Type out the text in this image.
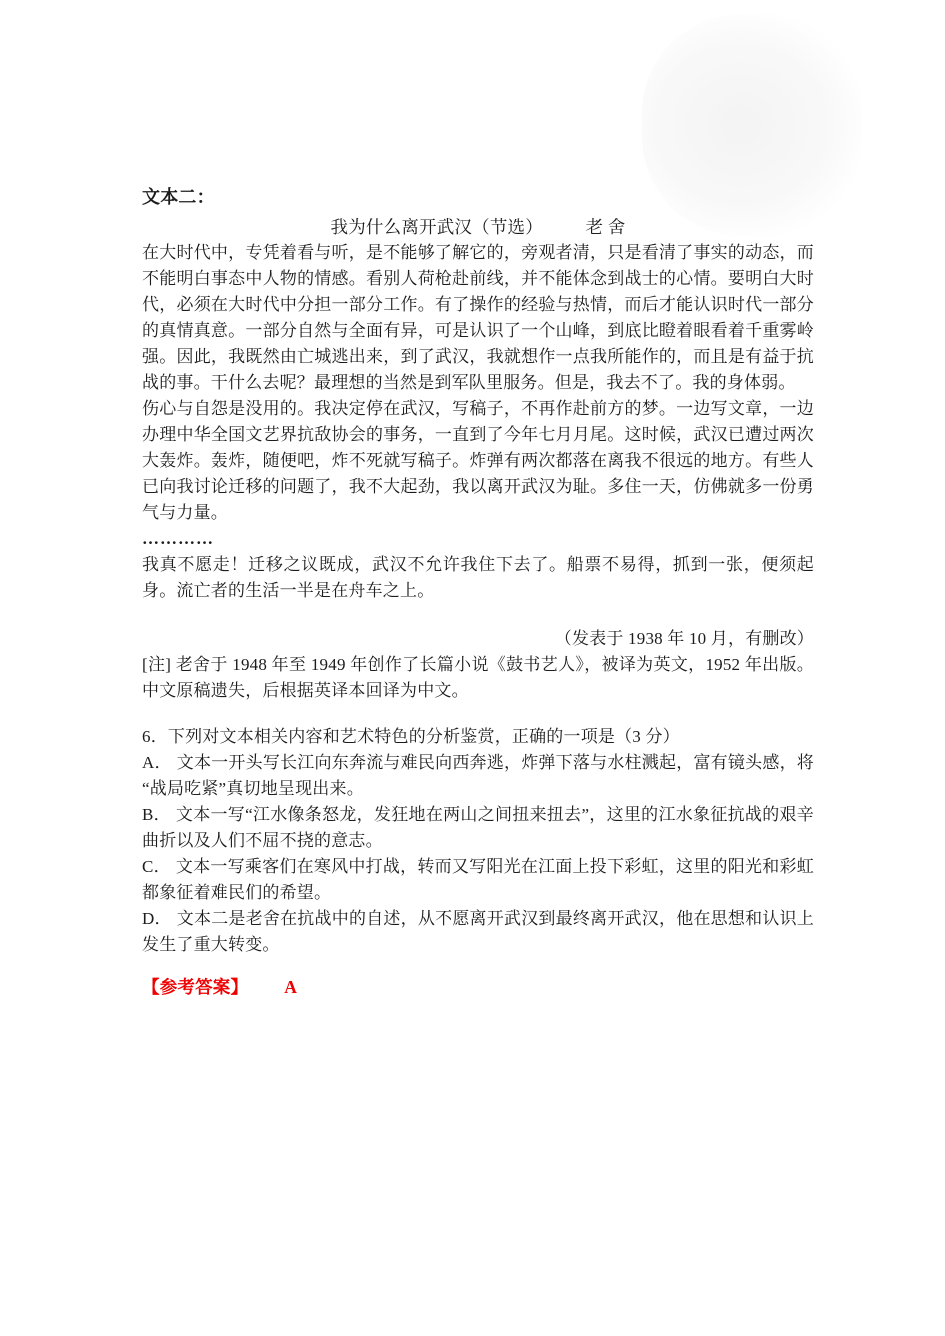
文本二：
我为什么离开武汉（节选） 老 舍

在大时代中，专凭着看与听，是不能够了解它的，旁观者清，只是看清了事实的动态，而不能明白事态中人物的情感。看别人荷枪赴前线，并不能体念到战士的心情。要明白大时代，必须在大时代中分担一部分工作。有了操作的经验与热情，而后才能认识时代一部分的真情真意。一部分自然与全面有异，可是认识了一个山峰，到底比瞪着眼看着千重雾岭强。因此，我既然由亡城逃出来，到了武汉，我就想作一点我所能作的，而且是有益于抗战的事。干什么去呢？最理想的当然是到军队里服务。但是，我去不了。我的身体弱。

伤心与自怨是没用的。我决定停在武汉，写稿子，不再作赴前方的梦。一边写文章，一边办理中华全国文艺界抗敌协会的事务，一直到了今年七月月尾。这时候，武汉已遭过两次大轰炸。轰炸，随便吧，炸不死就写稿子。炸弹有两次都落在离我不很远的地方。有些人已向我讨论迁移的问题了，我不大起劲，我以离开武汉为耻。多住一天，仿佛就多一份勇气与力量。

…………

我真不愿走！迁移之议既成，武汉不允许我住下去了。船票不易得，抓到一张，便须起身。流亡者的生活一半是在舟车之上。

（发表于 1938 年 10 月，有删改）

[注] 老舍于 1948 年至 1949 年创作了长篇小说《鼓书艺人》，被译为英文，1952 年出版。中文原稿遗失，后根据英译本回译为中文。

6．下列对文本相关内容和艺术特色的分析鉴赏，正确的一项是（3 分）

A． 文本一开头写长江向东奔流与难民向西奔逃，炸弹下落与水柱溅起，富有镜头感，将“战局吃紧”真切地呈现出来。

B． 文本一写“江水像条怒龙，发狂地在两山之间扭来扭去”，这里的江水象征抗战的艰辛曲折以及人们不屈不挠的意志。

C． 文本一写乘客们在寒风中打战，转而又写阳光在江面上投下彩虹，这里的阳光和彩虹都象征着难民们的希望。

D． 文本二是老舍在抗战中的自述，从不愿离开武汉到最终离开武汉，他在思想和认识上发生了重大转变。

【参考答案】 A
